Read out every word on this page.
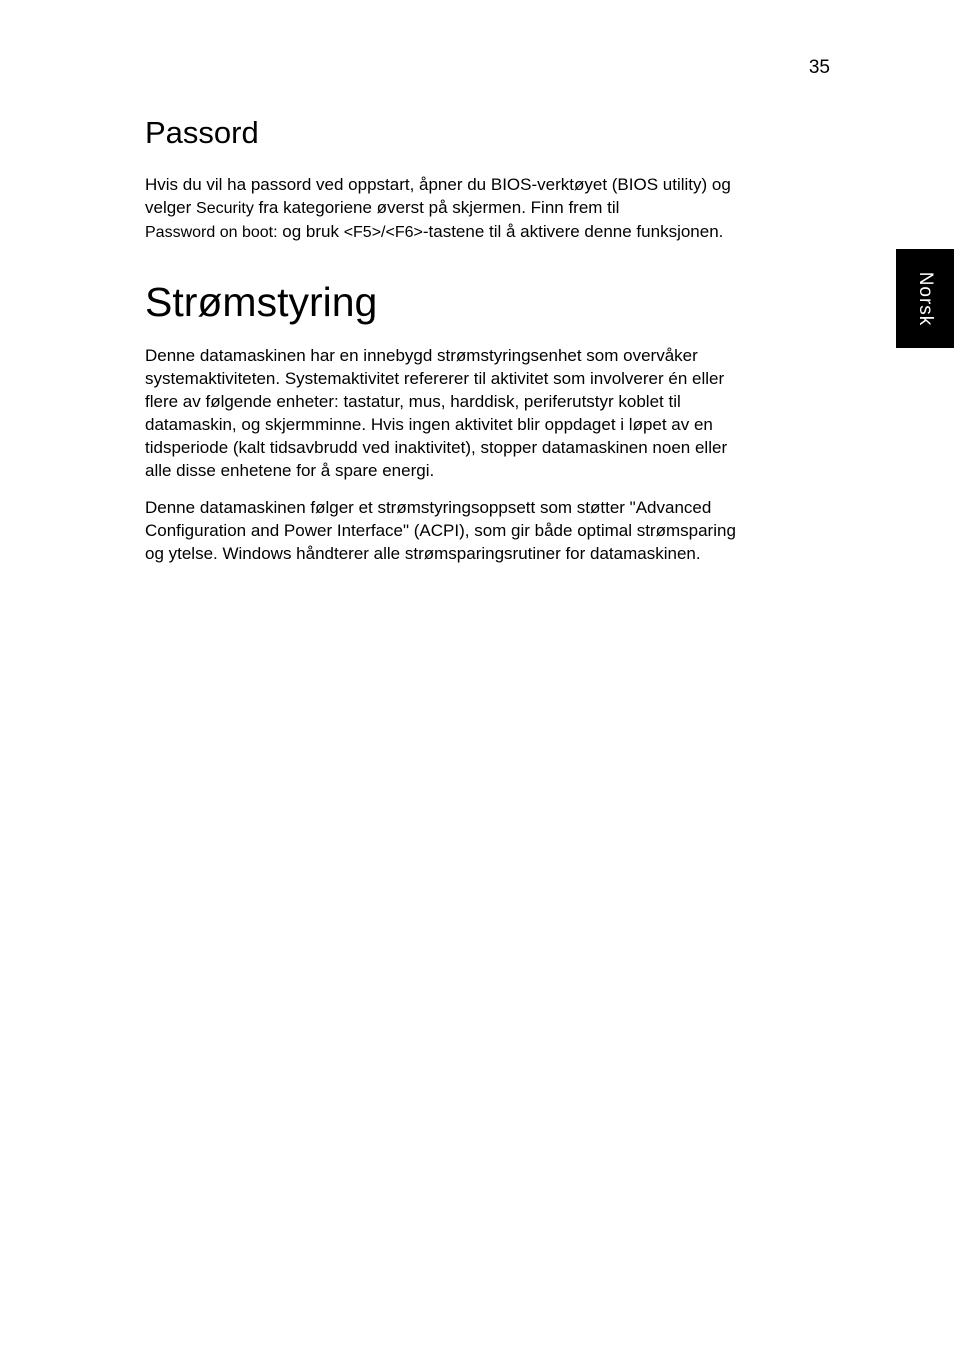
35
Norsk
Passord

Hvis du vil ha passord ved oppstart, åpner du BIOS-verktøyet (BIOS utility) og
velger Security fra kategoriene øverst på skjermen. Finn frem til
Password on boot: og bruk <F5>/<F6>-tastene til å aktivere denne funksjonen.

Strømstyring

Denne datamaskinen har en innebygd strømstyringsenhet som overvåker
systemaktiviteten. Systemaktivitet refererer til aktivitet som involverer én eller
flere av følgende enheter: tastatur, mus, harddisk, periferutstyr koblet til
datamaskin, og skjermminne. Hvis ingen aktivitet blir oppdaget i løpet av en
tidsperiode (kalt tidsavbrudd ved inaktivitet), stopper datamaskinen noen eller
alle disse enhetene for å spare energi.

Denne datamaskinen følger et strømstyringsoppsett som støtter "Advanced
Configuration and Power Interface" (ACPI), som gir både optimal strømsparing
og ytelse. Windows håndterer alle strømsparingsrutiner for datamaskinen.
